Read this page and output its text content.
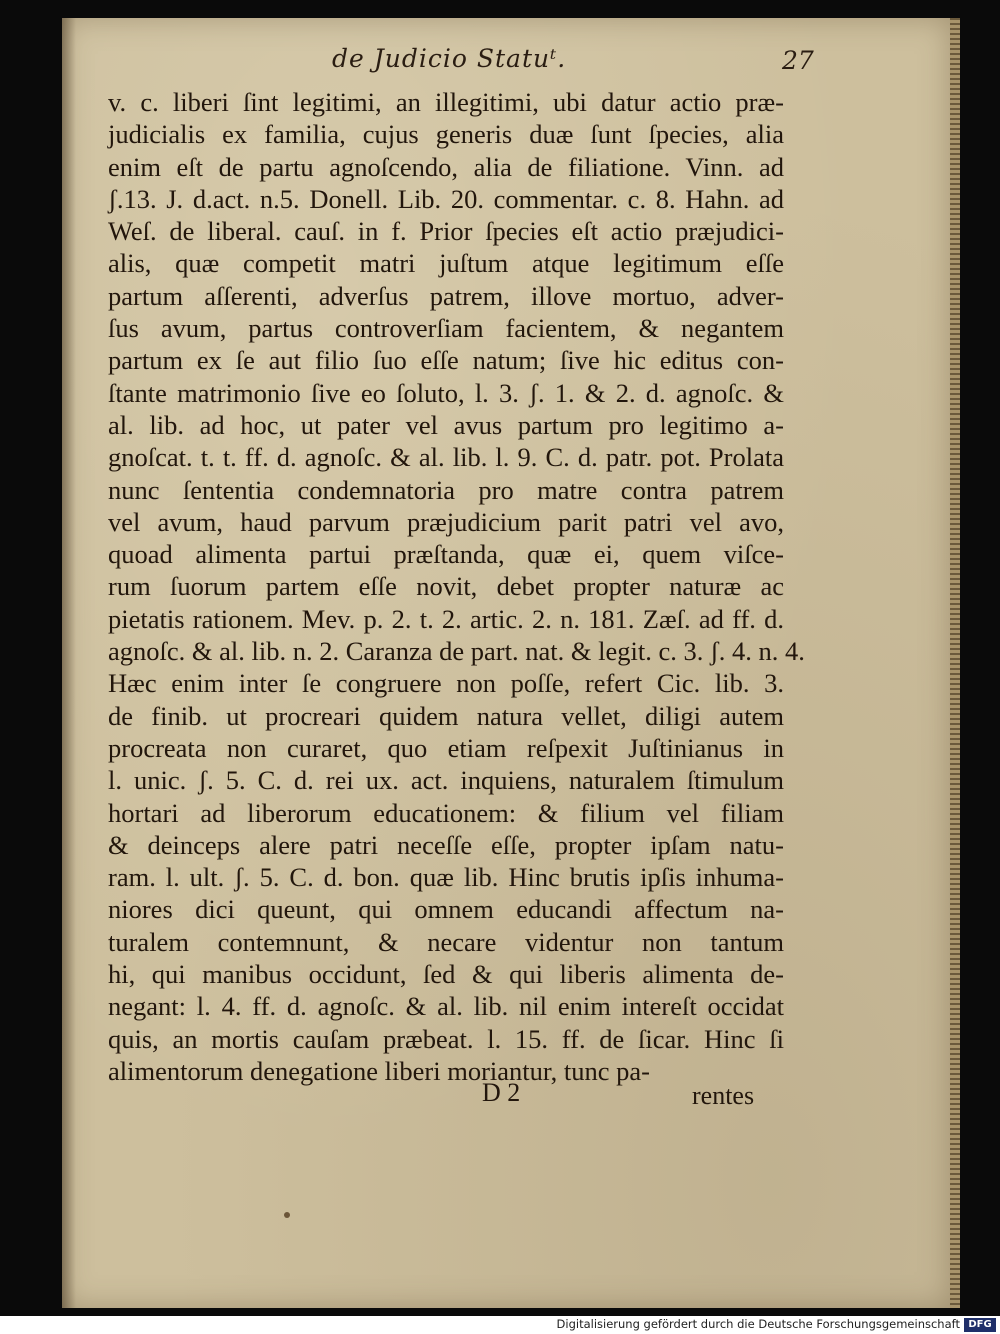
de Judicio Statuᵗ.	27
v. c. liberi ſint legitimi, an illegitimi, ubi datur actio præ-
judicialis ex familia, cujus generis duæ ſunt ſpecies, alia
enim eſt de partu agnoſcendo, alia de filiatione. Vinn. ad
ʃ.13. J. d.act. n.5. Donell. Lib. 20. commentar. c. 8. Hahn. ad
Weſ. de liberal. cauſ. in f. Prior ſpecies eſt actio præjudici-
alis, quæ competit matri juſtum atque legitimum eſſe
partum aſſerenti, adverſus patrem, illove mortuo, adver-
ſus avum, partus controverſiam facientem, & negantem
partum ex ſe aut filio ſuo eſſe natum; ſive hic editus con-
ſtante matrimonio ſive eo ſoluto, l. 3. ʃ. 1. & 2. d. agnoſc. &
al. lib. ad hoc, ut pater vel avus partum pro legitimo a-
gnoſcat. t. t. ff. d. agnoſc. & al. lib. l. 9. C. d. patr. pot. Prolata
nunc ſententia condemnatoria pro matre contra patrem
vel avum, haud parvum præjudicium parit patri vel avo,
quoad alimenta partui præſtanda, quæ ei, quem viſce-
rum ſuorum partem eſſe novit, debet propter naturæ ac
pietatis rationem. Mev. p. 2. t. 2. artic. 2. n. 181. Zæſ. ad ff. d.
agnoſc. & al. lib. n. 2. Caranza de part. nat. & legit. c. 3. ʃ. 4. n. 4.
Hæc enim inter ſe congruere non poſſe, refert Cic. lib. 3.
de finib. ut procreari quidem natura vellet, diligi autem
procreata non curaret, quo etiam reſpexit Juſtinianus in
l. unic. ʃ. 5. C. d. rei ux. act. inquiens, naturalem ſtimulum
hortari ad liberorum educationem: & filium vel filiam
& deinceps alere patri neceſſe eſſe, propter ipſam natu-
ram. l. ult. ʃ. 5. C. d. bon. quæ lib. Hinc brutis ipſis inhuma-
niores dici queunt, qui omnem educandi affectum na-
turalem contemnunt, & necare videntur non tantum
hi, qui manibus occidunt, ſed & qui liberis alimenta de-
negant: l. 4. ff. d. agnoſc. & al. lib. nil enim intereſt occidat
quis, an mortis cauſam præbeat. l. 15. ff. de ſicar. Hinc ſi
alimentorum denegatione liberi moriantur, tunc pa-
D 2	rentes
Digitalisierung gefördert durch die Deutsche Forschungsgemeinschaft DFG
